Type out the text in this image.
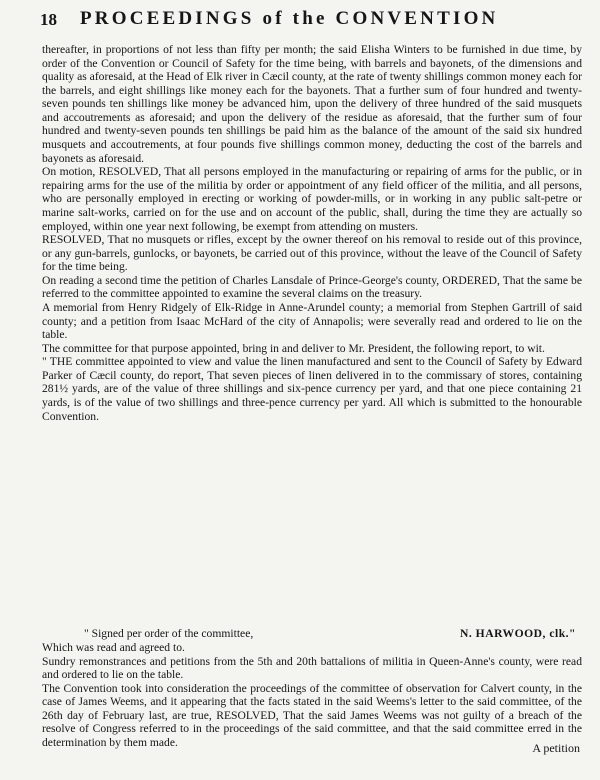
18 PROCEEDINGS of the CONVENTION
thereafter, in proportions of not less than fifty per month; the said Elisha Winters to be furnished in due time, by order of the Convention or Council of Safety for the time being, with barrels and bayonets, of the dimensions and quality as aforesaid, at the Head of Elk river in Cæcil county, at the rate of twenty shillings common money each for the barrels, and eight shillings like money each for the bayonets. That a further sum of four hundred and twenty-seven pounds ten shillings like money be advanced him, upon the delivery of three hundred of the said musquets and accoutrements as aforesaid; and upon the delivery of the residue as aforesaid, that the further sum of four hundred and twenty-seven pounds ten shillings be paid him as the balance of the amount of the said six hundred musquets and accoutrements, at four pounds five shillings common money, deducting the cost of the barrels and bayonets as aforesaid.
On motion, RESOLVED, That all persons employed in the manufacturing or repairing of arms for the public, or in repairing arms for the use of the militia by order or appointment of any field officer of the militia, and all persons, who are personally employed in erecting or working of powder-mills, or in working in any public salt-petre or marine salt-works, carried on for the use and on account of the public, shall, during the time they are actually so employed, within one year next following, be exempt from attending on musters.
RESOLVED, That no musquets or rifles, except by the owner thereof on his removal to reside out of this province, or any gun-barrels, gunlocks, or bayonets, be carried out of this province, without the leave of the Council of Safety for the time being.
On reading a second time the petition of Charles Lansdale of Prince-George's county, ORDERED, That the same be referred to the committee appointed to examine the several claims on the treasury.
A memorial from Henry Ridgely of Elk-Ridge in Anne-Arundel county; a memorial from Stephen Gartrill of said county; and a petition from Isaac McHard of the city of Annapolis; were severally read and ordered to lie on the table.
The committee for that purpose appointed, bring in and deliver to Mr. President, the following report, to wit.
" THE committee appointed to view and value the linen manufactured and sent to the Council of Safety by Edward Parker of Cæcil county, do report, That seven pieces of linen delivered in to the commissary of stores, containing 281½ yards, are of the value of three shillings and six-pence currency per yard, and that one piece containing 21 yards, is of the value of two shillings and three-pence currency per yard. All which is submitted to the honourable Convention.
" Signed per order of the committee,	N. HARWOOD, clk."
Which was read and agreed to.
Sundry remonstrances and petitions from the 5th and 20th battalions of militia in Queen-Anne's county, were read and ordered to lie on the table.
The Convention took into consideration the proceedings of the committee of observation for Calvert county, in the case of James Weems, and it appearing that the facts stated in the said Weems's letter to the said committee, of the 26th day of February last, are true, RESOLVED, That the said James Weems was not guilty of a breach of the resolve of Congress referred to in the proceedings of the said committee, and that the said committee erred in the determination by them made.	A petition
